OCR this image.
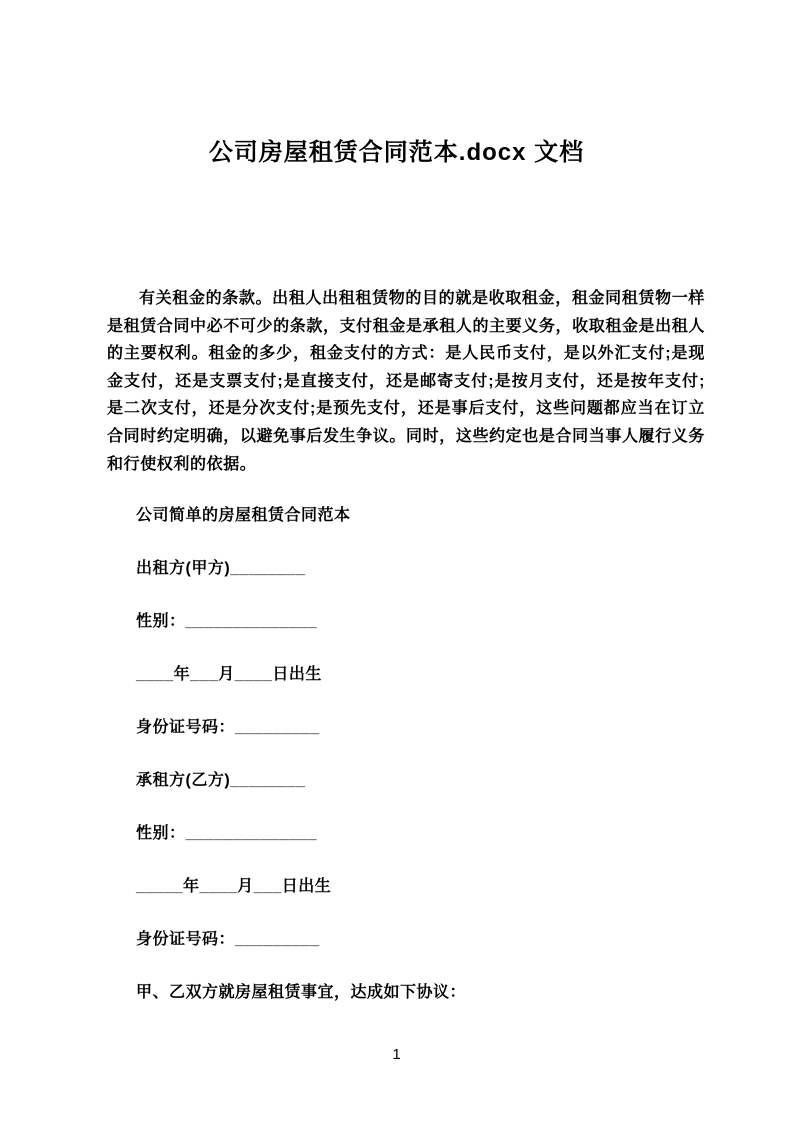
公司房屋租赁合同范本.docx 文档

有关租金的条款。出租人出租租赁物的目的就是收取租金，租金同租赁物一样是租赁合同中必不可少的条款，支付租金是承租人的主要义务，收取租金是出租人的主要权利。租金的多少，租金支付的方式：是人民币支付，是以外汇支付;是现金支付，还是支票支付;是直接支付，还是邮寄支付;是按月支付，还是按年支付;是二次支付，还是分次支付;是预先支付，还是事后支付，这些问题都应当在订立合同时约定明确，以避免事后发生争议。同时，这些约定也是合同当事人履行义务和行使权利的依据。

公司简单的房屋租赁合同范本
出租方(甲方)________
性别：______________
____年___月____日出生
身份证号码：_________
承租方(乙方)________
性别：______________
_____年____月___日出生
身份证号码：_________
甲、乙双方就房屋租赁事宜，达成如下协议：
1
